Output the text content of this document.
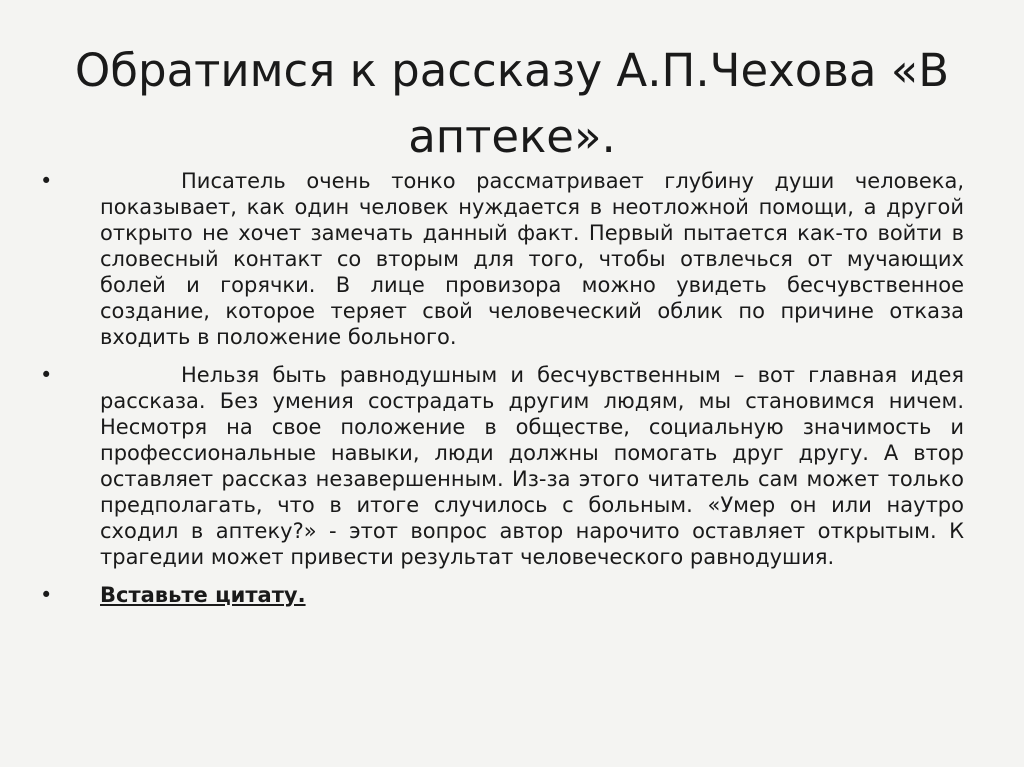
Обратимся к рассказу А.П.Чехова «В аптеке».
•	Писатель очень тонко рассматривает глубину души человека, показывает, как один человек нуждается в неотложной помощи, а другой открыто не хочет замечать данный факт. Первый пытается как-то войти в словесный контакт со вторым для того, чтобы отвлечься от мучающих болей и горячки. В лице провизора можно увидеть бесчувственное создание, которое теряет свой человеческий облик по причине отказа входить в положение больного.
•	Нельзя быть равнодушным и бесчувственным – вот главная идея рассказа. Без умения сострадать другим людям, мы становимся ничем. Несмотря на свое положение в обществе, социальную значимость и профессиональные навыки, люди должны помогать друг другу. А втор оставляет рассказ незавершенным. Из-за этого читатель сам может только предполагать, что в итоге случилось с больным. «Умер он или наутро сходил в аптеку?» - этот вопрос автор нарочито оставляет открытым. К трагедии может привести результат человеческого равнодушия.
• Вставьте цитату.
